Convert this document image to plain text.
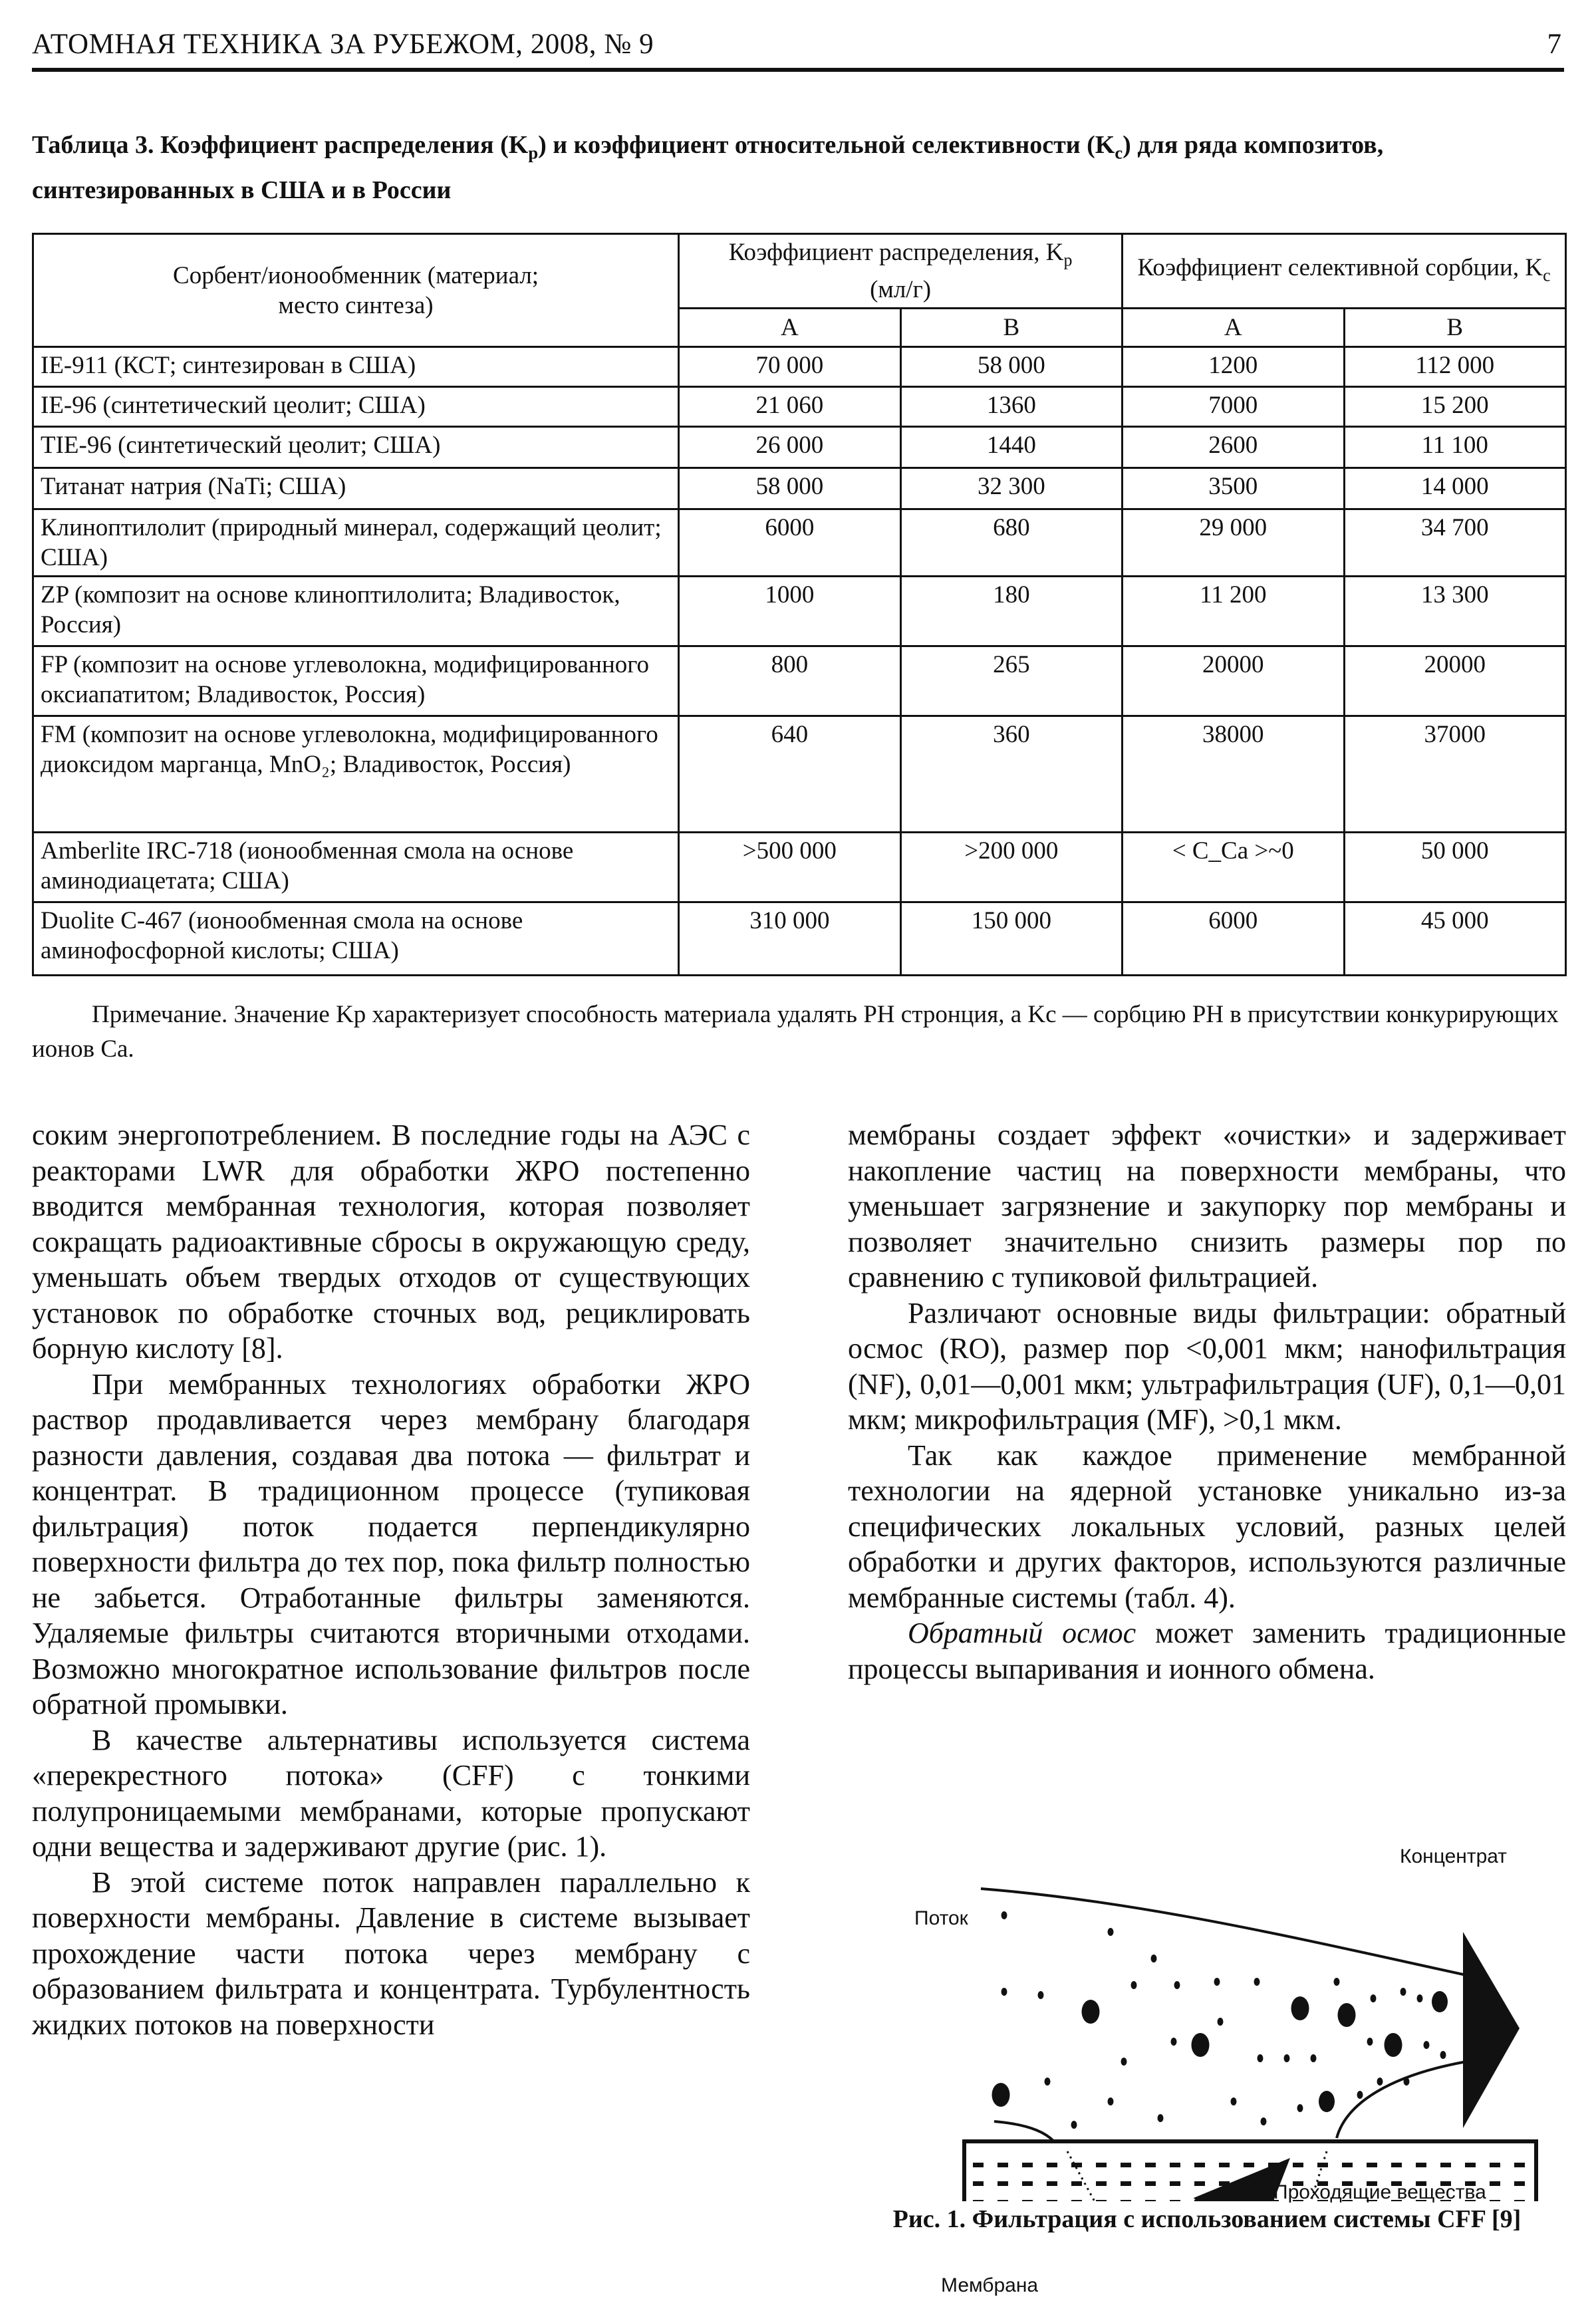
АТОМНАЯ ТЕХНИКА ЗА РУБЕЖОМ, 2008, № 9	7
Таблица 3. Коэффициент распределения $(K_p)$ и коэффициент относительной селективности $(K_c)$ для ряда композитов, синтезированных в США и в России
Сорбент/ионообменник (материал; место синтеза)	Коэффициент распределения, $K_p$
(мл/г)		Коэффициент селективной сорбции, $K_c$
	A	B	A	B
IE-911 (КСТ; синтезирован в США)	70 000	58 000	1200	112 000
IE-96 (синтетический цеолит; США)	21 060	1360	7000	15 200
TIE-96 (синтетический цеолит; США)	26 000	1440	2600	11 100
Титанат натрия (NaTi; США)	58 000	32 300	3500	14 000
Клиноптилолит (природный минерал, содержащий цеолит; США)	6000	680	29 000	34 700
ZP (композит на основе клиноптилолита; Владивосток, Россия)	1000	180	11 200	13 300
FP (композит на основе углеволокна, модифицированного оксиапатитом; Владивосток, Россия)	800	265	20000	20000
FM (композит на основе углеволокна, модифицированного диоксидом марганца, MnO₂; Владивосток, Россия)	640	360	38000	37000
Amberlite IRC-718 (ионообменная смола на основе аминодиацетата; США)	>500 000	>200 000	< C_Ca >~0	50 000
Duolite C-467 (ионообменная смола на основе аминофосфорной кислоты; США)	310 000	150 000	6000	45 000
Примечание. Значение Kp характеризует способность материала удалять РН стронция, а Kc — сорбцию РН в присутствии конкурирующих ионов Са.

соким энергопотреблением. В последние годы на АЭС с реакторами LWR для обработки ЖРО постепенно вводится мембранная технология, которая позволяет сокращать радиоактивные сбросы в окружающую среду, уменьшать объем твердых отходов от существующих установок по обработке сточных вод, рециклировать борную кислоту [8].

При мембранных технологиях обработки ЖРО раствор продавливается через мембрану благодаря разности давления, создавая два потока — фильтрат и концентрат. В традиционном процессе (тупиковая фильтрация) поток подается перпендикулярно поверхности фильтра до тех пор, пока фильтр полностью не забьется. Отработанные фильтры заменяются. Удаляемые фильтры считаются вторичными отходами. Возможно многократное использование фильтров после обратной промывки.

В качестве альтернативы используется система «перекрестного потока» (CFF) с тонкими полупроницаемыми мембранами, которые пропускают одни вещества и задерживают другие (рис. 1).

В этой системе поток направлен параллельно к поверхности мембраны. Давление в системе вызывает прохождение части потока через мембрану с образованием фильтрата и концентрата. Турбулентность жидких потоков на поверхности

мембраны создает эффект «очистки» и задерживает накопление частиц на поверхности мембраны, что уменьшает загрязнение и закупорку пор мембраны и позволяет значительно снизить размеры пор по сравнению с тупиковой фильтрацией.

Различают основные виды фильтрации: обратный осмос (RO), размер пор <0,001 мкм; нанофильтрация (NF), 0,01—0,001 мкм; ультрафильтрация (UF), 0,1—0,01 мкм; микрофильтрация (MF), >0,1 мкм.

Так как каждое применение мембранной технологии на ядерной установке уникально из-за специфических локальных условий, разных целей обработки и других факторов, используются различные мембранные системы (табл. 4).

Обратный осмос может заменить традиционные процессы выпаривания и ионного обмена.

Поток
Концентрат
Мембрана
Проходящие вещества
Рис. 1. Фильтрация с использованием системы CFF [9]
